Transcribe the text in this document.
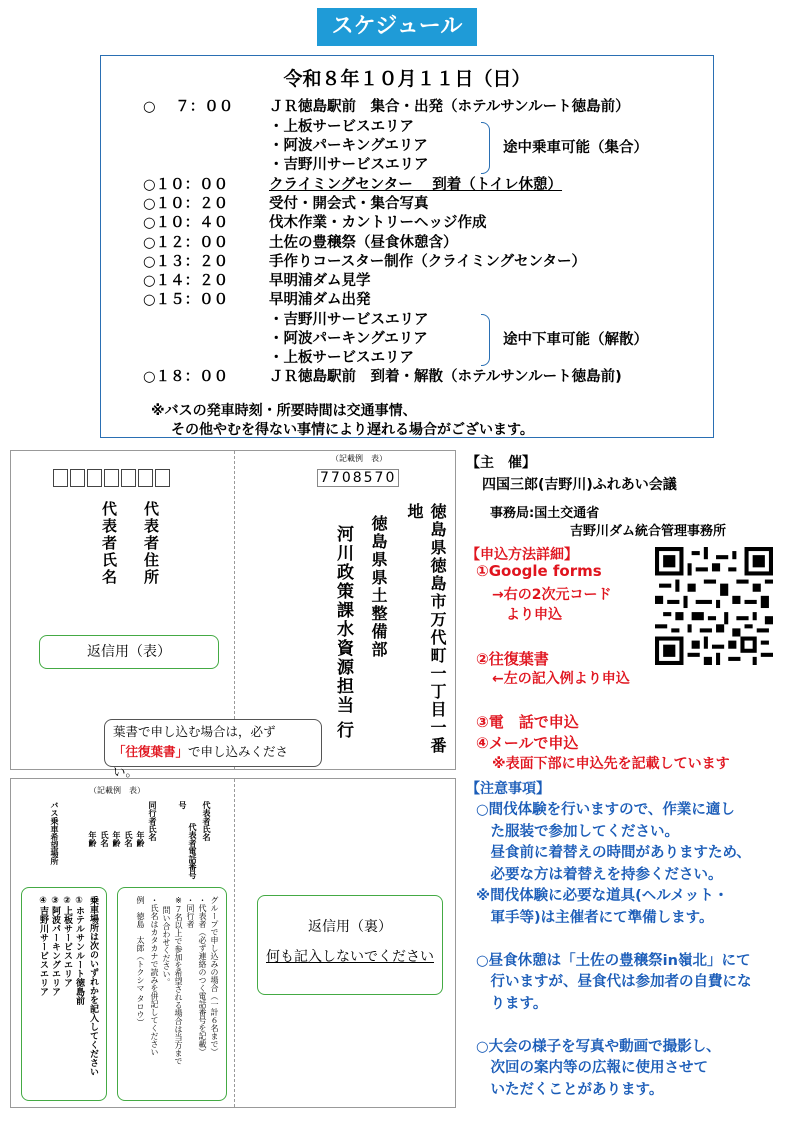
スケジュール
令和８年１０月１１日（日）
○　 ７：００ ＪＲ徳島駅前　集合・出発（ホテルサンルート徳島前）
・上板サービスエリア
・阿波パーキングエリア
・吉野川サービスエリア
途中乗車可能（集合）
○１０：００	クライミングセンター　 到着（トイレ休憩）
○１０：２０	受付・開会式・集合写真
○１０：４０	伐木作業・カントリーヘッジ作成
○１２：００	土佐の豊穣祭（昼食休憩含）
○１３：２０	手作りコースター制作（クライミングセンター）
○１４：２０	早明浦ダム見学
○１５：００	早明浦ダム出発
・吉野川サービスエリア
・阿波パーキングエリア
・上板サービスエリア
途中下車可能（解散）
○１８：００	ＪＲ徳島駅前　到着・解散（ホテルサンルート徳島前)
※バスの発車時刻・所要時間は交通事情、
その他やむを得ない事情により遅れる場合がございます。
代表者住所
代表者氏名
返信用（表）
（記載例　表）
7708570
徳島県徳島市万代町一丁目一番地
徳島県県土整備部
河川政策課水資源担当
行
葉書で申し込む場合は，必ず
「往復葉書」で申し込みください。
（記載例　表）
代表者氏名
号
代表者電話番号
同行者氏名
年齢
氏名
年齢
氏名
年齢
バス乗車希望場所
グループで申し込みの場合（一計６名まで）
・代表者（必ず連絡のつく電話番号を記載）
・同行者
※７名以上で参加を希望される場合は当方まで
問い合わせください。
・氏名はカタカナで読みを併記してください
例　徳島　太郎（トクシマ タロウ）
乗車場所は次のいずれかを記入してください
①ホテルサンルート徳島前
②上板サービスエリア
③阿波パーキングエリア
④吉野川サービスエリア	返信用（裏）
何も記入しないでください
【主　催】
四国三郎(吉野川)ふれあい会議
事務局:国土交通省
吉野川ダム統合管理事務所
【申込方法詳細】
①Google forms
→右の2次元コード
より申込
②往復葉書
←左の記入例より申込
③電　話で申込
④メールで申込
※表面下部に申込先を記載しています
【注意事項】
○間伐体験を行いますので、作業に適し
　た服装で参加してください。
　昼食前に着替えの時間がありますため、
　必要な方は着替えを持参ください。
※間伐体験に必要な道具(ヘルメット・
　軍手等)は主催者にて準備します。
○昼食休憩は「土佐の豊穣祭in嶺北」にて
　行いますが、昼食代は参加者の自費にな
　ります。
○大会の様子を写真や動画で撮影し、
　次回の案内等の広報に使用させて
　いただくことがあります。
